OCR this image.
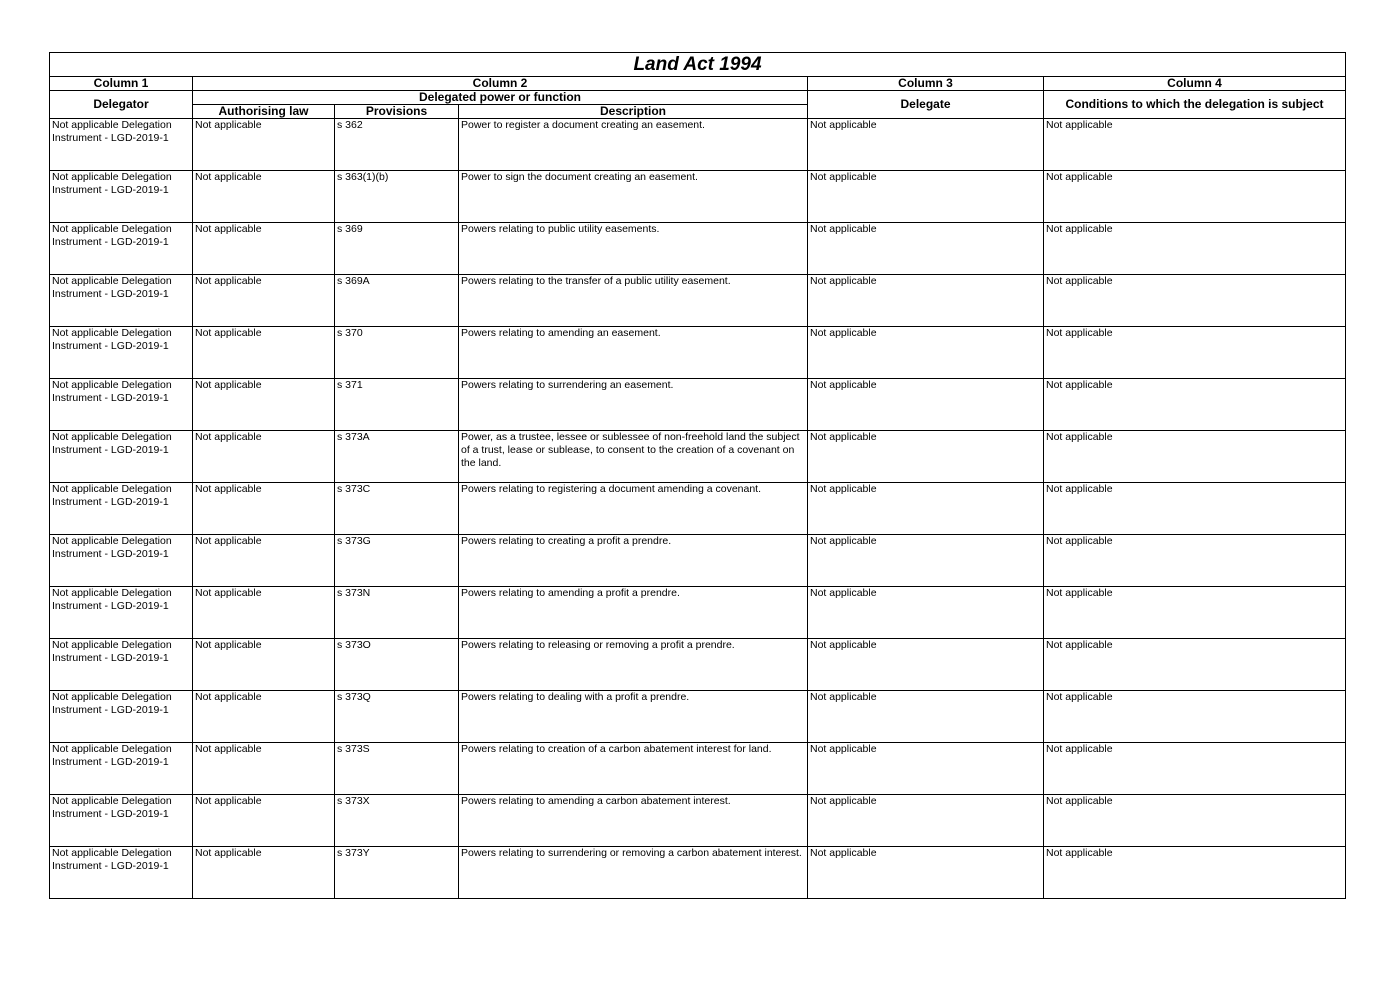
Land Act 1994					
Column 1	Column 2			Column 3	Column 4
Delegator	Delegated power or function			Delegate	Conditions to which the delegation is subject
	Authorising law	Provisions	Description		
Not applicable Delegation Instrument - LGD-2019-1	Not applicable	s 362	Power to register a document creating an easement.	Not applicable	Not applicable
Not applicable Delegation Instrument - LGD-2019-1	Not applicable	s 363(1)(b)	Power to sign the document creating an easement.	Not applicable	Not applicable
Not applicable Delegation Instrument - LGD-2019-1	Not applicable	s 369	Powers relating to public utility easements.	Not applicable	Not applicable
Not applicable Delegation Instrument - LGD-2019-1	Not applicable	s 369A	Powers relating to the transfer of a public utility easement.	Not applicable	Not applicable
Not applicable Delegation Instrument - LGD-2019-1	Not applicable	s 370	Powers relating to amending an easement.	Not applicable	Not applicable
Not applicable Delegation Instrument - LGD-2019-1	Not applicable	s 371	Powers relating to surrendering an easement.	Not applicable	Not applicable
Not applicable Delegation Instrument - LGD-2019-1	Not applicable	s 373A	Power, as a trustee, lessee or sublessee of non-freehold land the subject of a trust, lease or sublease, to consent to the creation of a covenant on the land.	Not applicable	Not applicable
Not applicable Delegation Instrument - LGD-2019-1	Not applicable	s 373C	Powers relating to registering a document amending a covenant.	Not applicable	Not applicable
Not applicable Delegation Instrument - LGD-2019-1	Not applicable	s 373G	Powers relating to creating a profit a prendre.	Not applicable	Not applicable
Not applicable Delegation Instrument - LGD-2019-1	Not applicable	s 373N	Powers relating to amending a profit a prendre.	Not applicable	Not applicable
Not applicable Delegation Instrument - LGD-2019-1	Not applicable	s 373O	Powers relating to releasing or removing a profit a prendre.	Not applicable	Not applicable
Not applicable Delegation Instrument - LGD-2019-1	Not applicable	s 373Q	Powers relating to dealing with a profit a prendre.	Not applicable	Not applicable
Not applicable Delegation Instrument - LGD-2019-1	Not applicable	s 373S	Powers relating to creation of a carbon abatement interest for land.	Not applicable	Not applicable
Not applicable Delegation Instrument - LGD-2019-1	Not applicable	s 373X	Powers relating to amending a carbon abatement interest.	Not applicable	Not applicable
Not applicable Delegation Instrument - LGD-2019-1	Not applicable	s 373Y	Powers relating to surrendering or removing a carbon abatement interest.	Not applicable	Not applicable
